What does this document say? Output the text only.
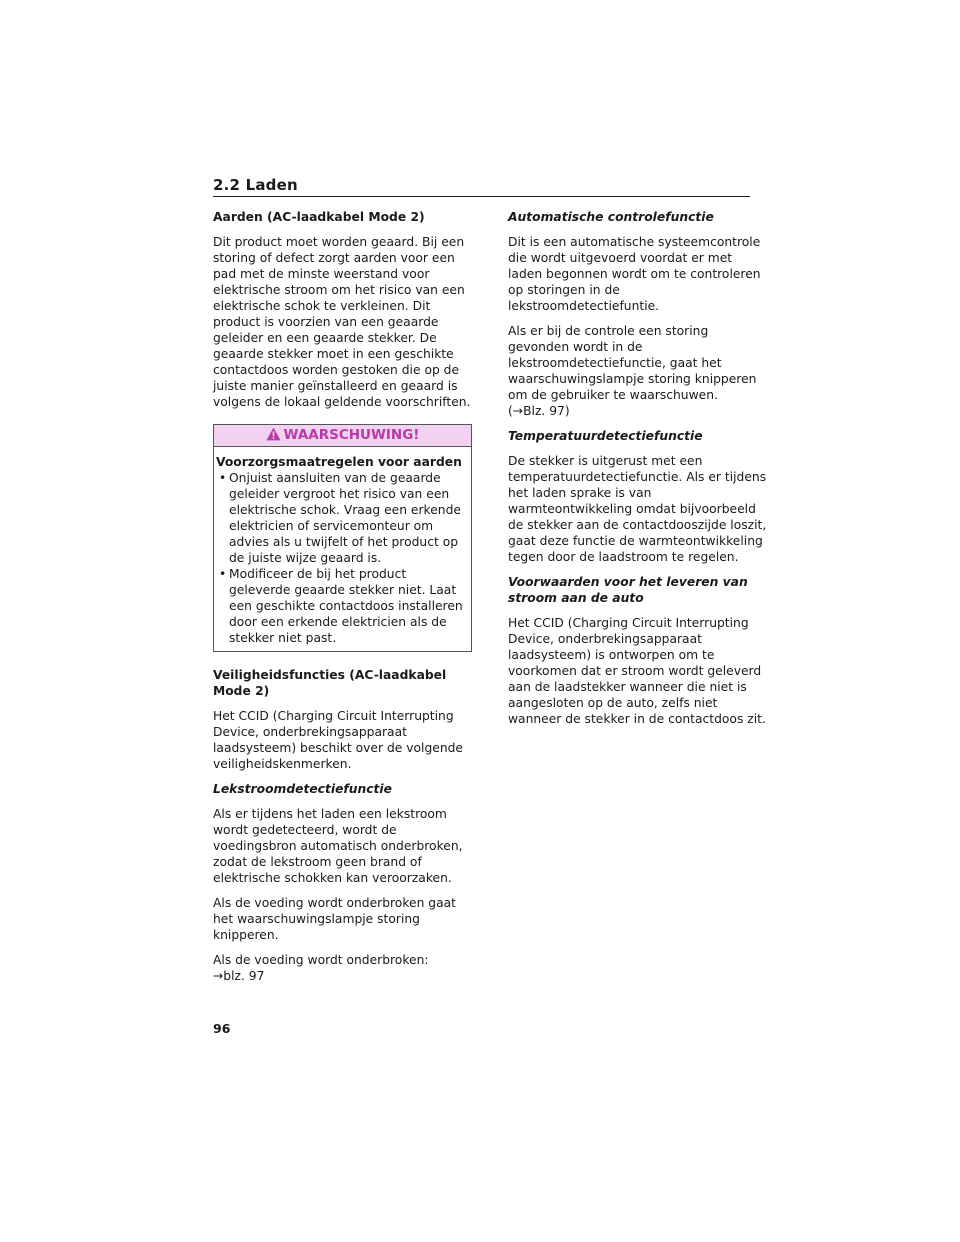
2.2 Laden
Aarden (AC-laadkabel Mode 2)

Dit product moet worden geaard. Bij een storing of defect zorgt aarden voor een pad met de minste weerstand voor elektrische stroom om het risico van een elektrische schok te verkleinen. Dit product is voorzien van een geaarde geleider en een geaarde stekker. De geaarde stekker moet in een geschikte contactdoos worden gestoken die op de juiste manier geïnstalleerd en geaard is volgens de lokaal geldende voorschriften.

WAARSCHUWING!
Voorzorgsmaatregelen voor aarden
• Onjuist aansluiten van de geaarde geleider vergroot het risico van een elektrische schok. Vraag een erkende elektricien of servicemonteur om advies als u twijfelt of het product op de juiste wijze geaard is.
• Modificeer de bij het product geleverde geaarde stekker niet. Laat een geschikte contactdoos installeren door een erkende elektricien als de stekker niet past.
Veiligheidsfuncties (AC-laadkabel Mode 2)

Het CCID (Charging Circuit Interrupting Device, onderbrekingsapparaat laadsysteem) beschikt over de volgende veiligheidskenmerken.

Lekstroomdetectiefunctie

Als er tijdens het laden een lekstroom wordt gedetecteerd, wordt de voedingsbron automatisch onderbroken, zodat de lekstroom geen brand of elektrische schokken kan veroorzaken.

Als de voeding wordt onderbroken gaat het waarschuwingslampje storing knipperen.

Als de voeding wordt onderbroken:
→blz. 97

Automatische controlefunctie

Dit is een automatische systeemcontrole die wordt uitgevoerd voordat er met laden begonnen wordt om te controleren op storingen in de lekstroomdetectiefuntie.

Als er bij de controle een storing gevonden wordt in de lekstroomdetectiefunctie, gaat het waarschuwingslampje storing knipperen om de gebruiker te waarschuwen.
(→Blz. 97)

Temperatuurdetectiefunctie

De stekker is uitgerust met een temperatuurdetectiefunctie. Als er tijdens het laden sprake is van warmteontwikkeling omdat bijvoorbeeld de stekker aan de contactdooszijde loszit, gaat deze functie de warmteontwikkeling tegen door de laadstroom te regelen.

Voorwaarden voor het leveren van stroom aan de auto

Het CCID (Charging Circuit Interrupting Device, onderbrekingsapparaat laadsysteem) is ontworpen om te voorkomen dat er stroom wordt geleverd aan de laadstekker wanneer die niet is aangesloten op de auto, zelfs niet wanneer de stekker in de contactdoos zit.

96
